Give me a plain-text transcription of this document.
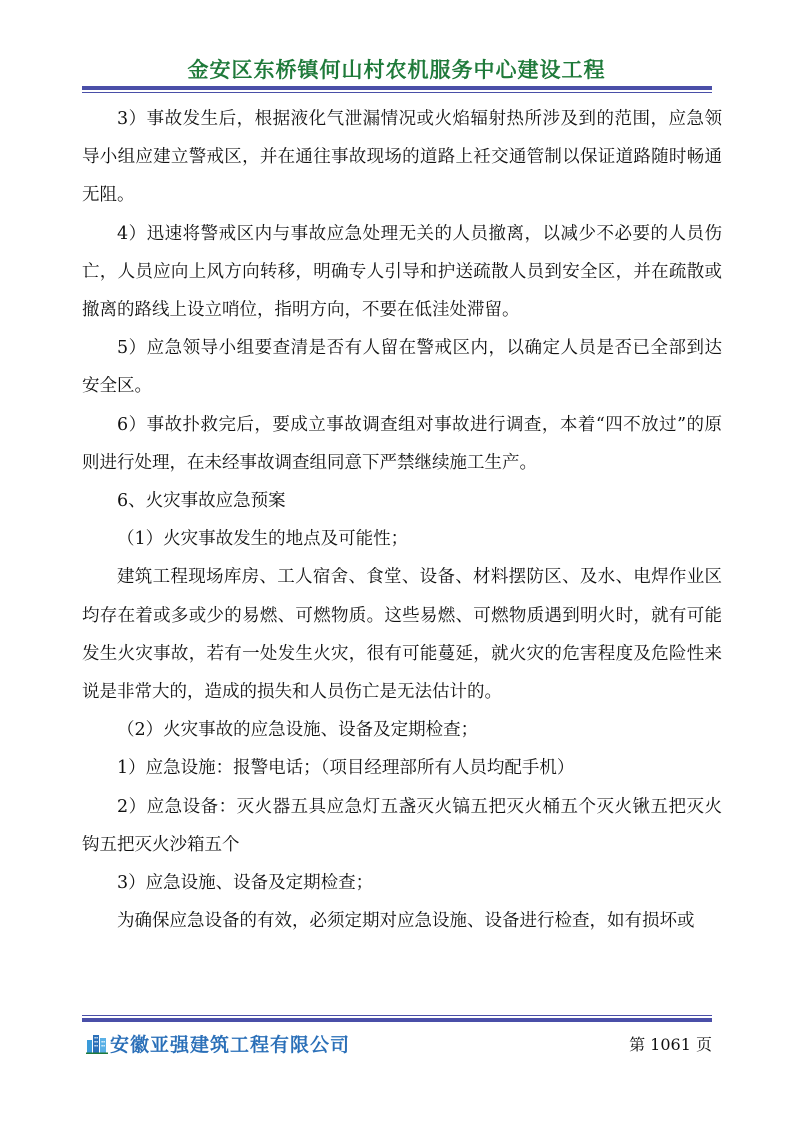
金安区东桥镇何山村农机服务中心建设工程

3）事故发生后，根据液化气泄漏情况或火焰辐射热所涉及到的范围，应急领导小组应建立警戒区，并在通往事故现场的道路上衽交通管制以保证道路随时畅通无阻。

4）迅速将警戒区内与事故应急处理无关的人员撤离，以减少不必要的人员伤亡，人员应向上风方向转移，明确专人引导和护送疏散人员到安全区，并在疏散或撤离的路线上设立哨位，指明方向，不要在低洼处滞留。

5）应急领导小组要查清是否有人留在警戒区内，以确定人员是否已全部到达安全区。

6）事故扑救完后，要成立事故调查组对事故进行调查，本着“四不放过”的原则进行处理，在未经事故调查组同意下严禁继续施工生产。

6、火灾事故应急预案

（1）火灾事故发生的地点及可能性；

建筑工程现场库房、工人宿舍、食堂、设备、材料摆防区、及水、电焊作业区均存在着或多或少的易燃、可燃物质。这些易燃、可燃物质遇到明火时，就有可能发生火灾事故，若有一处发生火灾，很有可能蔓延，就火灾的危害程度及危险性来说是非常大的，造成的损失和人员伤亡是无法估计的。

（2）火灾事故的应急设施、设备及定期检查；

1）应急设施：报警电话；（项目经理部所有人员均配手机）

2）应急设备：灭火器五具应急灯五盏灭火镐五把灭火桶五个灭火锹五把灭火钩五把灭火沙箱五个

3）应急设施、设备及定期检查；

为确保应急设备的有效，必须定期对应急设施、设备进行检查，如有损坏或

安徽亚强建筑工程有限公司	第 1061 页
